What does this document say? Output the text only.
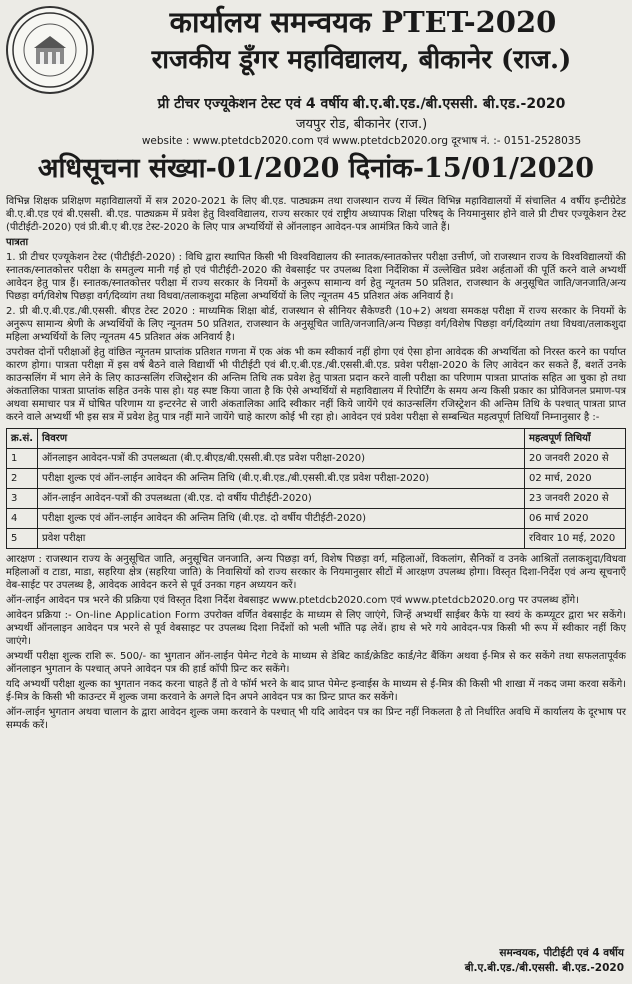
कार्यालय समन्वयक PTET-2020
राजकीय डूँगर महाविद्यालय, बीकानेर (राज.)
प्री टीचर एज्यूकेशन टेस्ट एवं 4 वर्षीय बी.ए.बी.एड./बी.एससी. बी.एड.-2020
जयपुर रोड, बीकानेर (राज.)
website : www.ptetdcb2020.com एवं www.ptetdcb2020.org दूरभाष नं. :- 0151-2528035
अधिसूचना संख्या-01/2020 दिनांक-15/01/2020

विभिन्न शिक्षक प्रशिक्षण महाविद्यालयों में सत्र 2020-2021 के लिए बी.एड. पाठ्यक्रम तथा राजस्थान राज्य में स्थित विभिन्न महाविद्यालयों में संचालित 4 वर्षीय इन्टीग्रेटेड बी.ए.बी.एड एवं बी.एससी. बी.एड. पाठ्यक्रम में प्रवेश हेतु विश्वविद्यालय, राज्य सरकार एवं राष्ट्रीय अध्यापक शिक्षा परिषद् के नियमानुसार होने वाले प्री टीचर एज्यूकेशन टेस्ट (पीटीईटी-2020) एवं प्री.बी.ए बी.एड टेस्ट-2020 के लिए पात्र अभ्यर्थियों से ऑनलाइन आवेदन-पत्र आमंत्रित किये जाते हैं।

पात्रता

1. प्री टीचर एज्यूकेशन टेस्ट (पीटीईटी-2020) : विधि द्वारा स्थापित किसी भी विश्वविद्यालय की स्नातक/स्नातकोत्तर परीक्षा उत्तीर्ण, जो राजस्थान राज्य के विश्वविद्यालयों की स्नातक/स्नातकोत्तर परीक्षा के समतुल्य मानी गई हो एवं पीटीईटी-2020 की वेबसाईट पर उपलब्ध दिशा निर्देशिका में उल्लेखित प्रवेश अर्हताओं की पूर्ति करने वाले अभ्यर्थी आवेदन हेतु पात्र हैं। स्नातक/स्नातकोत्तर परीक्षा में राज्य सरकार के नियमों के अनुरूप सामान्य वर्ग हेतु न्यूनतम 50 प्रतिशत, राजस्थान के अनुसूचित जाति/जनजाति/अन्य पिछड़ा वर्ग/विशेष पिछड़ा वर्ग/दिव्यांग तथा विधवा/तलाकशुदा महिला अभ्यर्थियों के लिए न्यूनतम 45 प्रतिशत अंक अनिवार्य है।

2. प्री बी.ए.बी.एड./बी.एससी. बीएड टेस्ट 2020 : माध्यमिक शिक्षा बोर्ड, राजस्थान से सीनियर सैकेण्डरी (10+2) अथवा समकक्ष परीक्षा में राज्य सरकार के नियमों के अनुरूप सामान्य श्रेणी के अभ्यर्थियों के लिए न्यूनतम 50 प्रतिशत, राजस्थान के अनुसूचित जाति/जनजाति/अन्य पिछड़ा वर्ग/विशेष पिछड़ा वर्ग/दिव्यांग तथा विधवा/तलाकशुदा महिला अभ्यर्थियों के लिए न्यूनतम 45 प्रतिशत अंक अनिवार्य है।

उपरोक्त दोनों परीक्षाओं हेतु वांछित न्यूनतम प्राप्तांक प्रतिशत गणना में एक अंक भी कम स्वीकार्य नहीं होगा एवं ऐसा होना आवेदक की अभ्यर्थिता को निरस्त करने का पर्याप्त कारण होगा। पात्रता परीक्षा में इस वर्ष बैठने वाले विद्यार्थी भी पीटीईटी एवं बी.ए.बी.एड./बी.एससी.बी.एड. प्रवेश परीक्षा-2020 के लिए आवेदन कर सकते हैं, बशर्ते उनके काउन्सलिंग में भाग लेने के लिए काउन्सलिंग रजिस्ट्रेशन की अन्तिम तिथि तक प्रवेश हेतु पात्रता प्रदान करने वाली परीक्षा का परिणाम पात्रता प्राप्तांक सहित आ चुका हो तथा अंकतालिका पात्रता प्राप्तांक सहित उनके पास हो। यह स्पष्ट किया जाता है कि ऐसे अभ्यर्थियों से महाविद्यालय में रिपोर्टिंग के समय अन्य किसी प्रकार का प्रोविजनल प्रमाण-पत्र अथवा समाचार पत्र में घोषित परिणाम या इन्टरनेट से जारी अंकतालिका आदि स्वीकार नहीं किये जायेंगे एवं काउन्सलिंग रजिस्ट्रेशन की अन्तिम तिथि के पश्चात् पात्रता प्राप्त करने वाले अभ्यर्थी भी इस सत्र में प्रवेश हेतु पात्र नहीं माने जायेंगे चाहे कारण कोई भी रहा हो। आवेदन एवं प्रवेश परीक्षा से सम्बन्धित महत्वपूर्ण तिथियाँ निम्नानुसार है :-

क्र.सं.	विवरण	महत्वपूर्ण तिथियाँ
1	ऑनलाइन आवेदन-पत्रों की उपलब्धता (बी.ए.बीएड/बी.एससी.बी.एड प्रवेश परीक्षा-2020)	20 जनवरी 2020 से
2	परीक्षा शुल्क एवं ऑन-लाईन आवेदन की अन्तिम तिथि (बी.ए.बी.एड./बी.एससी.बी.एड प्रवेश परीक्षा-2020)	02 मार्च, 2020
3	ऑन-लाईन आवेदन-पत्रों की उपलब्धता (बी.एड. दो वर्षीय पीटीईटी-2020)	23 जनवरी 2020 से
4	परीक्षा शुल्क एवं ऑन-लाईन आवेदन की अन्तिम तिथि (बी.एड. दो वर्षीय पीटीईटी-2020)	06 मार्च 2020
5	प्रवेश परीक्षा	रविवार 10 मई, 2020

आरक्षण : राजस्थान राज्य के अनुसूचित जाति, अनुसूचित जनजाति, अन्य पिछड़ा वर्ग, विशेष पिछड़ा वर्ग, महिलाओं, विकलांग, सैनिकों व उनके आश्रितों तलाकशुदा/विधवा महिलाओं व टाडा, माडा, सहरिया क्षेत्र (सहरिया जाति) के निवासियों को राज्य सरकार के नियमानुसार सीटों में आरक्षण उपलब्ध होगा। विस्तृत दिशा-निर्देश एवं अन्य सूचनाएँ वेब-साईट पर उपलब्ध है, आवेदक आवेदन करने से पूर्व उनका गहन अध्ययन करें।

ऑन-लाईन आवेदन पत्र भरने की प्रक्रिया एवं विस्तृत दिशा निर्देश वेबसाइट www.ptetdcb2020.com एवं www.ptetdcb2020.org पर उपलब्ध होंगे।

आवेदन प्रक्रिया :- On-line Application Form उपरोक्त वर्णित वेबसाईट के माध्यम से लिए जाएंगे, जिन्हें अभ्यर्थी साईबर कैफे या स्वयं के कम्प्यूटर द्वारा भर सकेंगे। अभ्यर्थी ऑनलाइन आवेदन पत्र भरने से पूर्व वेबसाइट पर उपलब्ध दिशा निर्देशों को भली भाँति पढ़ लेवें। हाथ से भरे गये आवेदन-पत्र किसी भी रूप में स्वीकार नहीं किए जाएंगे।

अभ्यर्थी परीक्षा शुल्क राशि रू. 500/- का भुगतान ऑन-लाईन पेमेन्ट गेटवे के माध्यम से डेबिट कार्ड/क्रेडिट कार्ड/नेट बैंकिंग अथवा ई-मित्र से कर सकेंगे तथा सफलतापूर्वक ऑनलाइन भुगतान के पश्चात् अपने आवेदन पत्र की हार्ड कॉपी प्रिन्ट कर सकेंगे।

यदि अभ्यर्थी परीक्षा शुल्क का भुगतान नकद करना चाहते हैं तो वे फॉर्म भरने के बाद प्राप्त पेमेन्ट इन्वाईस के माध्यम से ई-मित्र की किसी भी शाखा में नकद जमा करवा सकेंगे। ई-मित्र के किसी भी काउन्टर में शुल्क जमा करवाने के अगले दिन अपने आवेदन पत्र का प्रिन्ट प्राप्त कर सकेंगे।

ऑन-लाईन भुगतान अथवा चालान के द्वारा आवेदन शुल्क जमा करवाने के पश्चात् भी यदि आवेदन पत्र का प्रिन्ट नहीं निकलता है तो निर्धारित अवधि में कार्यालय के दूरभाष पर सम्पर्क करें।

समन्वयक, पीटीईटी एवं 4 वर्षीय
बी.ए.बी.एड./बी.एससी. बी.एड.-2020
